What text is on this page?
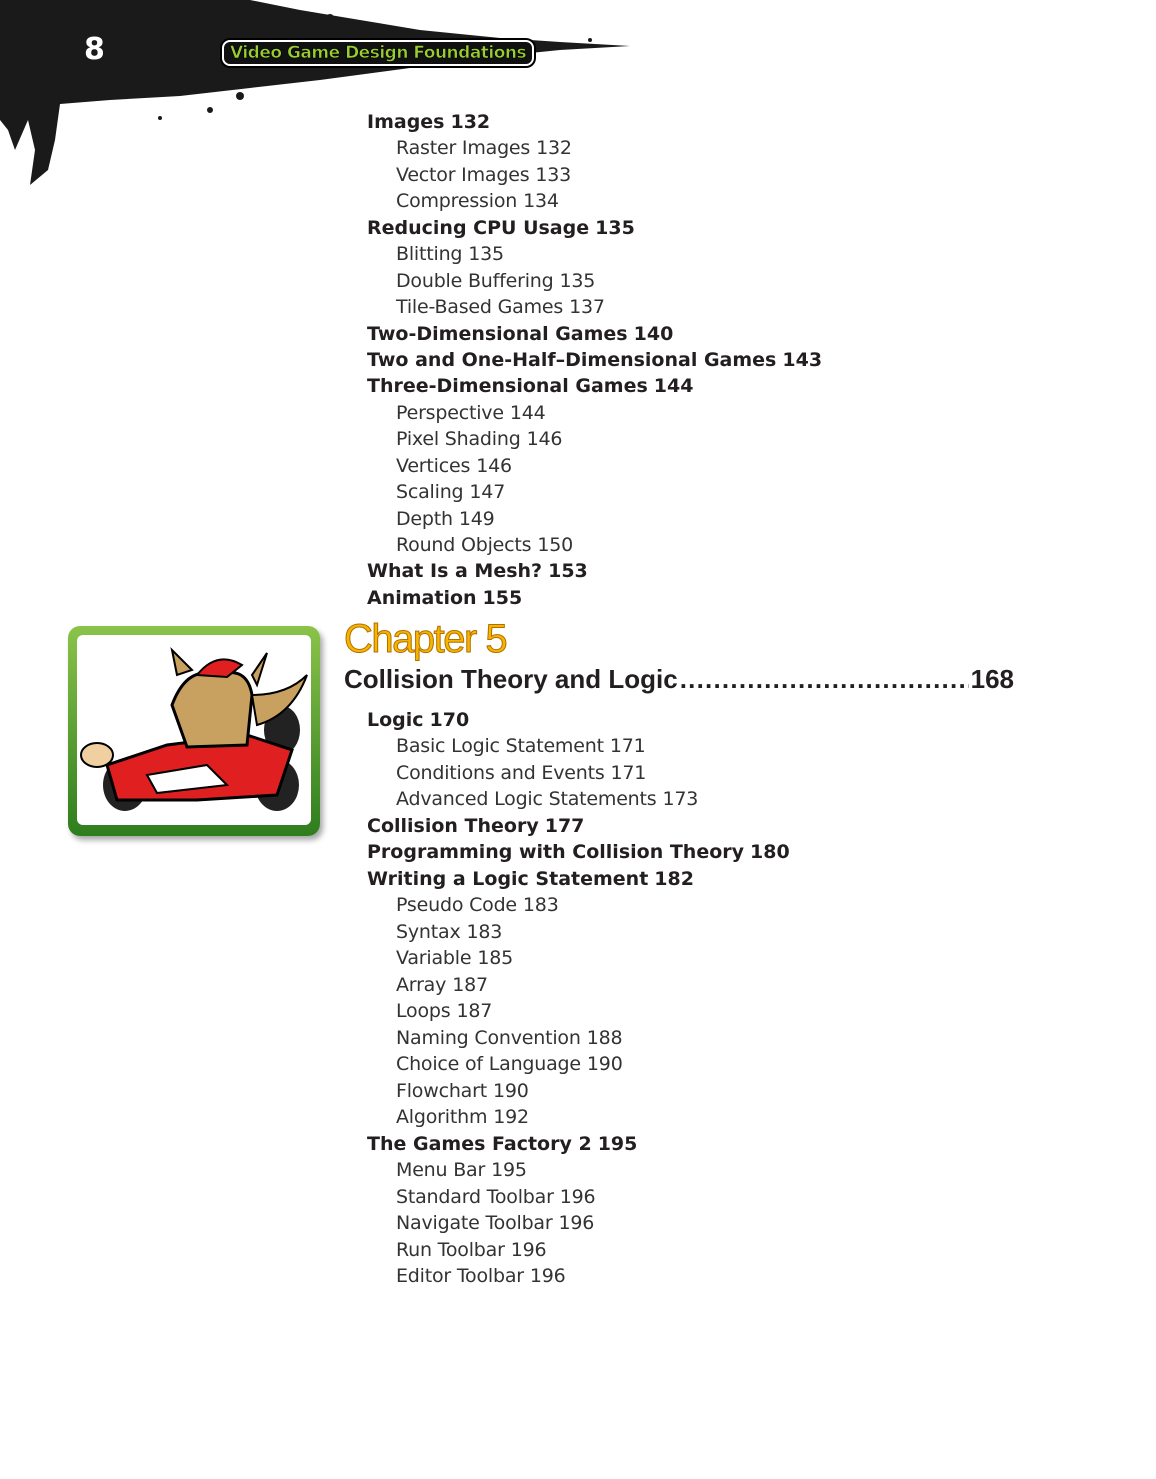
8	Video Game Design Foundations
Images 132
Raster Images 132
Vector Images 133
Compression 134
Reducing CPU Usage 135
Blitting 135
Double Buffering 135
Tile-Based Games 137
Two-Dimensional Games 140
Two and One-Half–Dimensional Games 143
Three-Dimensional Games 144
Perspective 144
Pixel Shading 146
Vertices 146
Scaling 147
Depth 149
Round Objects 150
What Is a Mesh? 153
Animation 155
Chapter 5
Collision Theory and Logic . . .	168
Logic 170
Basic Logic Statement 171
Conditions and Events 171
Advanced Logic Statements 173
Collision Theory 177
Programming with Collision Theory 180
Writing a Logic Statement 182
Pseudo Code 183
Syntax 183
Variable 185
Array 187
Loops 187
Naming Convention 188
Choice of Language 190
Flowchart 190
Algorithm 192
The Games Factory 2 195
Menu Bar 195
Standard Toolbar 196
Navigate Toolbar 196
Run Toolbar 196
Editor Toolbar 196
